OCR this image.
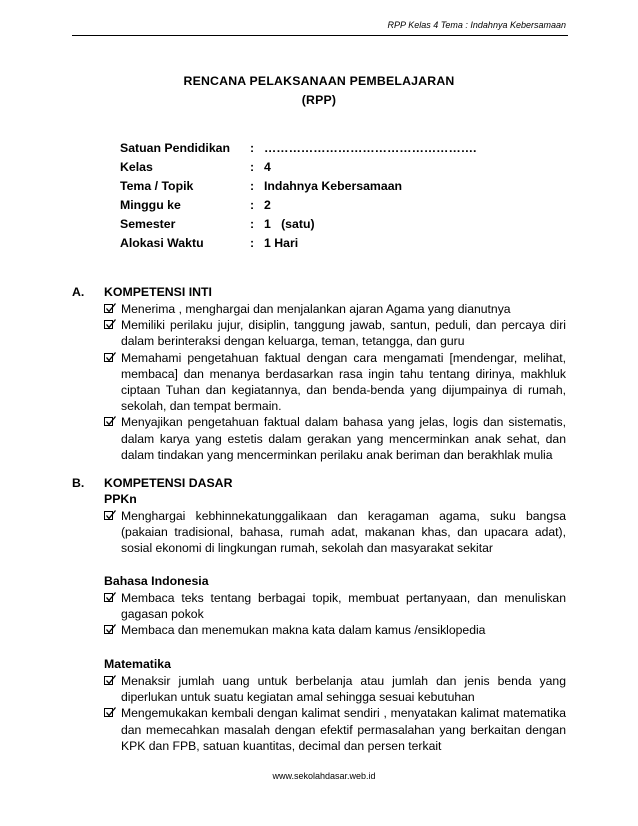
RPP Kelas 4 Tema : Indahnya Kebersamaan
RENCANA PELAKSANAAN PEMBELAJARAN
(RPP)
Satuan Pendidikan	:	…………………………………………….
Kelas	:	4
Tema / Topik	:	Indahnya Kebersamaan
Minggu ke	:	2
Semester	:	1   (satu)
Alokasi Waktu	:	1 Hari
A. KOMPETENSI INTI
Menerima , menghargai dan menjalankan ajaran Agama yang dianutnya
Memiliki perilaku jujur, disiplin, tanggung jawab, santun, peduli, dan percaya diri dalam berinteraksi dengan keluarga, teman, tetangga, dan guru
Memahami pengetahuan faktual dengan cara mengamati [mendengar, melihat, membaca] dan menanya berdasarkan rasa ingin tahu tentang dirinya, makhluk ciptaan Tuhan dan kegiatannya, dan benda-benda yang dijumpainya di rumah, sekolah, dan tempat bermain.
Menyajikan pengetahuan faktual dalam bahasa yang jelas, logis dan sistematis, dalam karya yang estetis dalam gerakan yang mencerminkan anak sehat, dan dalam tindakan yang mencerminkan perilaku anak beriman dan berakhlak mulia
B. KOMPETENSI DASAR
PPKn
Menghargai kebhinnekatunggalikaan dan keragaman agama, suku bangsa (pakaian tradisional, bahasa, rumah adat, makanan khas, dan upacara adat), sosial ekonomi di lingkungan rumah, sekolah dan masyarakat sekitar
Bahasa Indonesia
Membaca teks tentang berbagai topik, membuat pertanyaan, dan menuliskan gagasan pokok
Membaca dan menemukan makna kata dalam kamus /ensiklopedia
Matematika
Menaksir jumlah uang untuk berbelanja atau jumlah dan jenis benda yang diperlukan untuk suatu kegiatan amal sehingga sesuai kebutuhan
Mengemukakan kembali dengan kalimat sendiri , menyatakan kalimat matematika dan memecahkan masalah dengan efektif permasalahan yang berkaitan dengan KPK dan FPB, satuan kuantitas, decimal dan persen terkait
www.sekolahdasar.web.id
